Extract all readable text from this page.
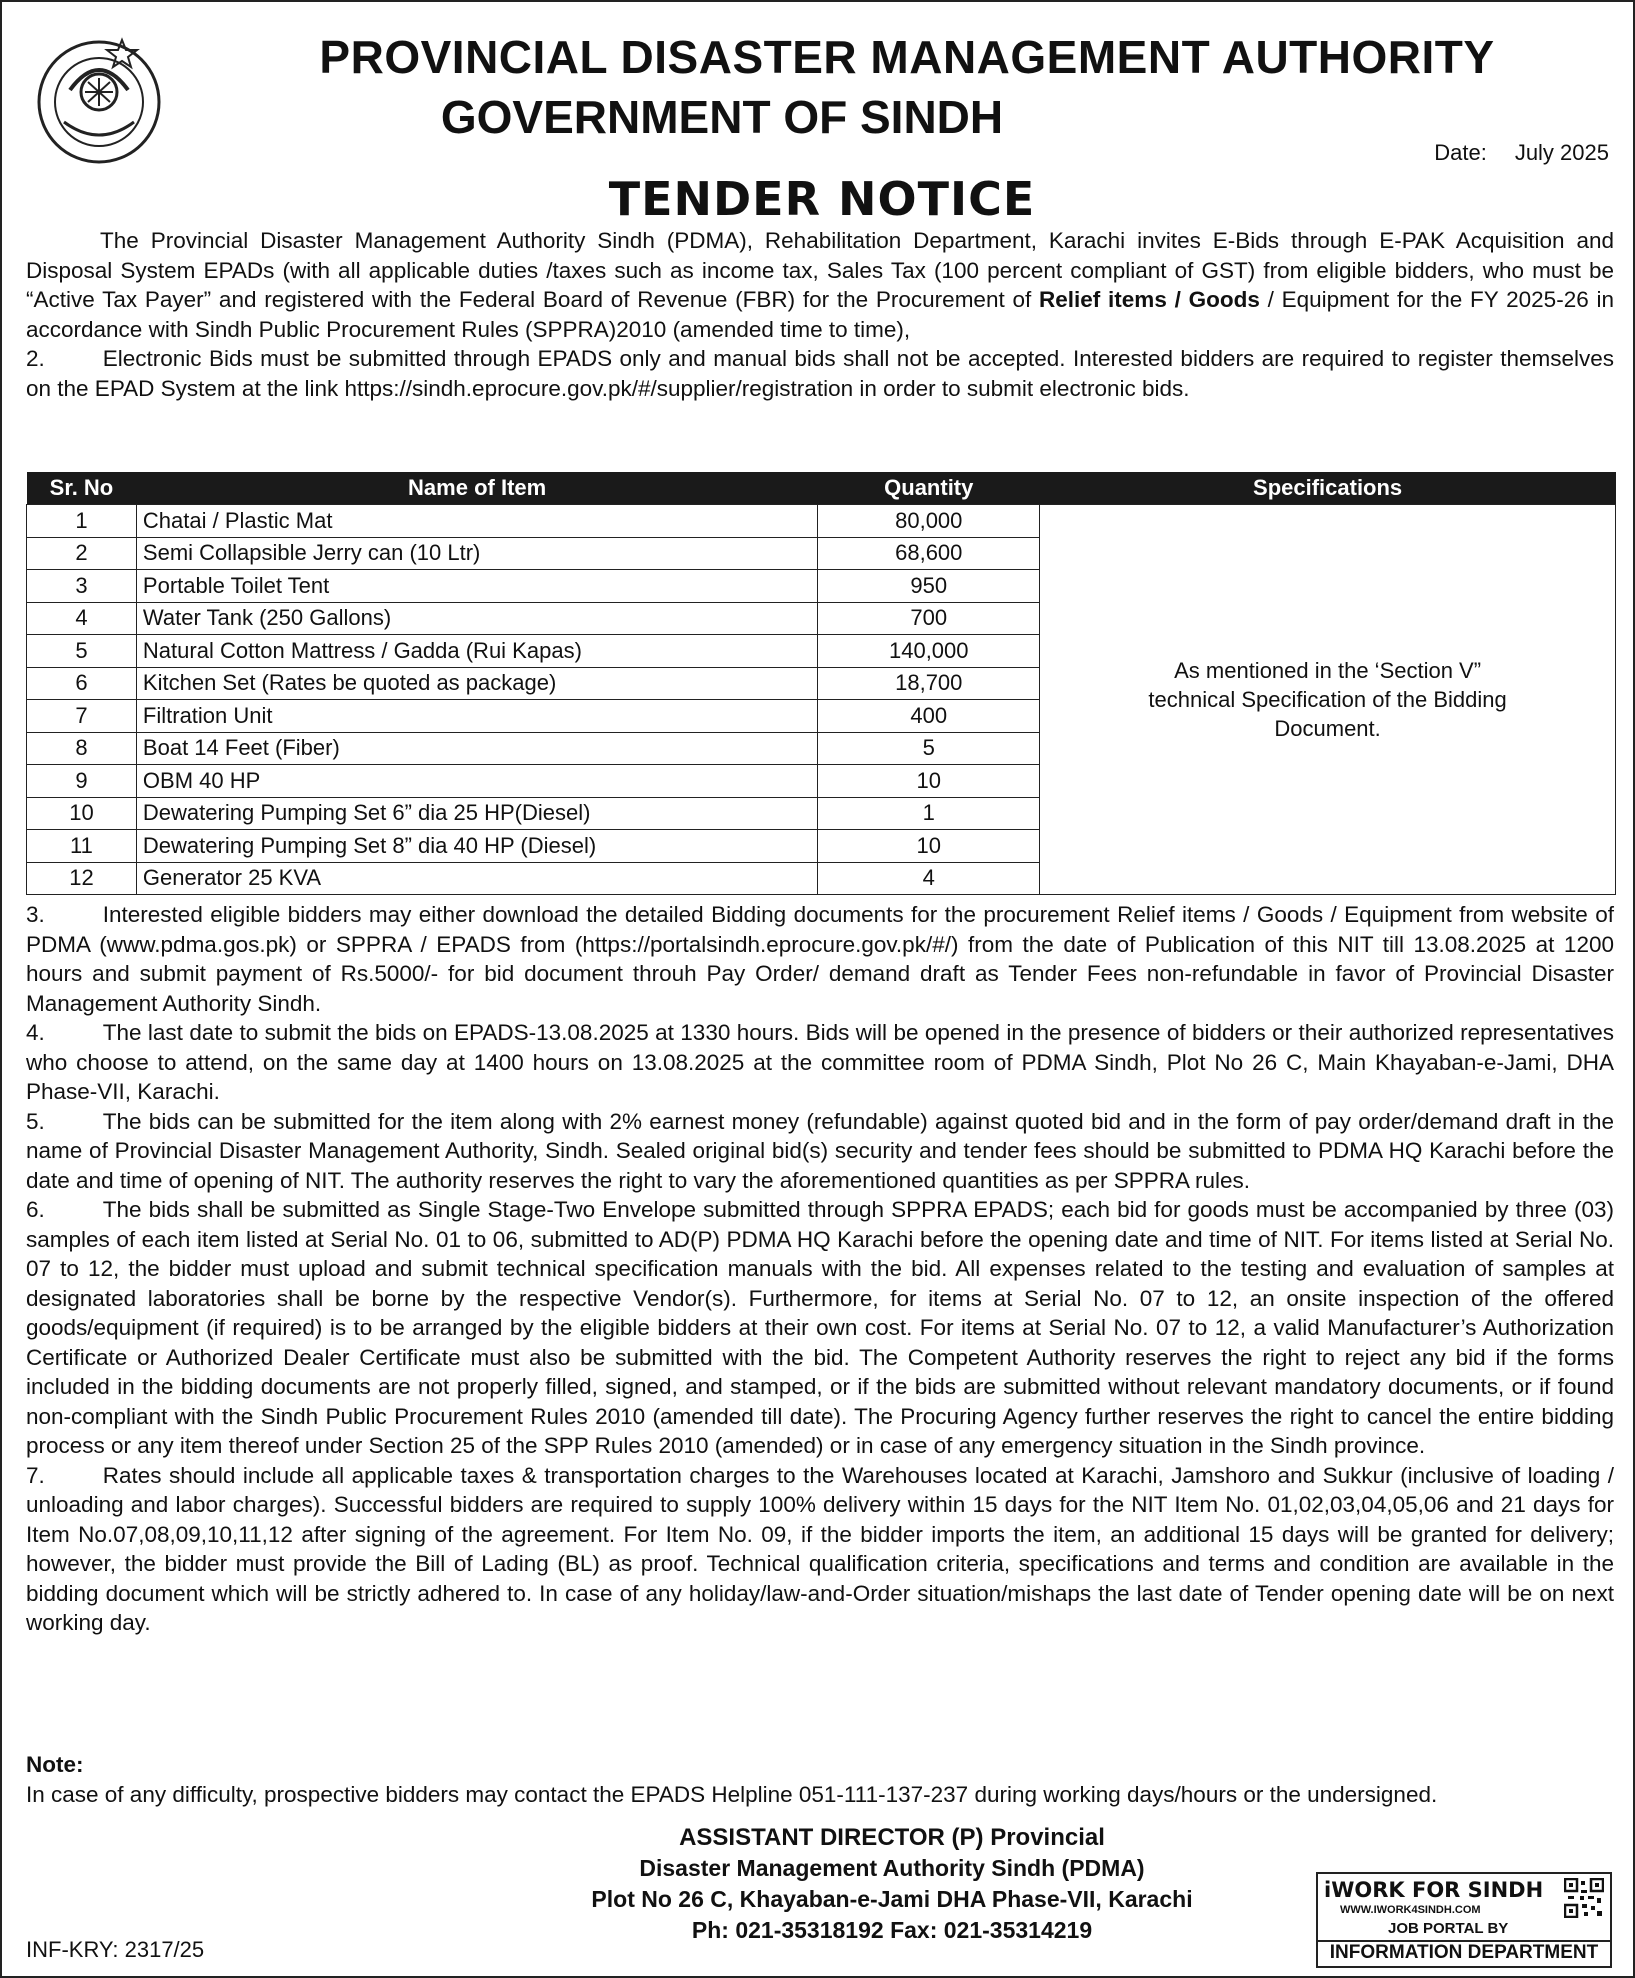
PROVINCIAL DISASTER MANAGEMENT AUTHORITY
GOVERNMENT OF SINDH
Date: July 2025
TENDER NOTICE

The Provincial Disaster Management Authority Sindh (PDMA), Rehabilitation Department, Karachi invites E-Bids through E-PAK Acquisition and Disposal System EPADs (with all applicable duties /taxes such as income tax, Sales Tax (100 percent compliant of GST) from eligible bidders, who must be “Active Tax Payer” and registered with the Federal Board of Revenue (FBR) for the Procurement of Relief items / Goods / Equipment for the FY 2025-26 in accordance with Sindh Public Procurement Rules (SPPRA)2010 (amended time to time),

2.	Electronic Bids must be submitted through EPADS only and manual bids shall not be accepted. Interested bidders are required to register themselves on the EPAD System at the link https://sindh.eprocure.gov.pk/#/supplier/registration in order to submit electronic bids.

Sr. No	Name of Item	Quantity	Specifications
1	Chatai / Plastic Mat	80,000	As mentioned in the ‘Section V” technical Specification of the Bidding Document.

2	Semi Collapsible Jerry can (10 Ltr)	68,600	
3	Portable Toilet Tent	950	
4	Water Tank (250 Gallons)	700	
5	Natural Cotton Mattress / Gadda (Rui Kapas)	140,000	
6	Kitchen Set (Rates be quoted as package)	18,700	
7	Filtration Unit	400	
8	Boat 14 Feet (Fiber)	5	
9	OBM 40 HP	10	
10	Dewatering Pumping Set 6” dia 25 HP(Diesel)	1	
11	Dewatering Pumping Set 8” dia 40 HP (Diesel)	10	
12	Generator 25 KVA	4	

3.	Interested eligible bidders may either download the detailed Bidding documents for the procurement Relief items / Goods / Equipment from website of PDMA (www.pdma.gos.pk) or SPPRA / EPADS from (https://portalsindh.eprocure.gov.pk/#/) from the date of Publication of this NIT till 13.08.2025 at 1200 hours and submit payment of Rs.5000/- for bid document throuh Pay Order/ demand draft as Tender Fees non-refundable in favor of Provincial Disaster Management Authority Sindh.

4.	The last date to submit the bids on EPADS-13.08.2025 at 1330 hours. Bids will be opened in the presence of bidders or their authorized representatives who choose to attend, on the same day at 1400 hours on 13.08.2025 at the committee room of PDMA Sindh, Plot No 26 C, Main Khayaban-e-Jami, DHA Phase-VII, Karachi.

5.	The bids can be submitted for the item along with 2% earnest money (refundable) against quoted bid and in the form of pay order/demand draft in the name of Provincial Disaster Management Authority, Sindh. Sealed original bid(s) security and tender fees should be submitted to PDMA HQ Karachi before the date and time of opening of NIT. The authority reserves the right to vary the aforementioned quantities as per SPPRA rules.

6.	The bids shall be submitted as Single Stage-Two Envelope submitted through SPPRA EPADS; each bid for goods must be accompanied by three (03) samples of each item listed at Serial No. 01 to 06, submitted to AD(P) PDMA HQ Karachi before the opening date and time of NIT. For items listed at Serial No. 07 to 12, the bidder must upload and submit technical specification manuals with the bid. All expenses related to the testing and evaluation of samples at designated laboratories shall be borne by the respective Vendor(s). Furthermore, for items at Serial No. 07 to 12, an onsite inspection of the offered goods/equipment (if required) is to be arranged by the eligible bidders at their own cost. For items at Serial No. 07 to 12, a valid Manufacturer’s Authorization Certificate or Authorized Dealer Certificate must also be submitted with the bid. The Competent Authority reserves the right to reject any bid if the forms included in the bidding documents are not properly filled, signed, and stamped, or if the bids are submitted without relevant mandatory documents, or if found non-compliant with the Sindh Public Procurement Rules 2010 (amended till date). The Procuring Agency further reserves the right to cancel the entire bidding process or any item thereof under Section 25 of the SPP Rules 2010 (amended) or in case of any emergency situation in the Sindh province.

7.	Rates should include all applicable taxes & transportation charges to the Warehouses located at Karachi, Jamshoro and Sukkur (inclusive of loading / unloading and labor charges). Successful bidders are required to supply 100% delivery within 15 days for the NIT Item No. 01,02,03,04,05,06 and 21 days for Item No.07,08,09,10,11,12 after signing of the agreement. For Item No. 09, if the bidder imports the item, an additional 15 days will be granted for delivery; however, the bidder must provide the Bill of Lading (BL) as proof. Technical qualification criteria, specifications and terms and condition are available in the bidding document which will be strictly adhered to. In case of any holiday/law-and-Order situation/mishaps the last date of Tender opening date will be on next working day.

Note:

In case of any difficulty, prospective bidders may contact the EPADS Helpline 051-111-137-237 during working days/hours or the undersigned.

ASSISTANT DIRECTOR (P) Provincial
Disaster Management Authority Sindh (PDMA)
Plot No 26 C, Khayaban-e-Jami DHA Phase-VII, Karachi
Ph: 021-35318192 Fax: 021-35314219
INF-KRY: 2317/25
iWORK FOR SINDH
WWW.IWORK4SINDH.COM
JOB PORTAL BY
INFORMATION DEPARTMENT
